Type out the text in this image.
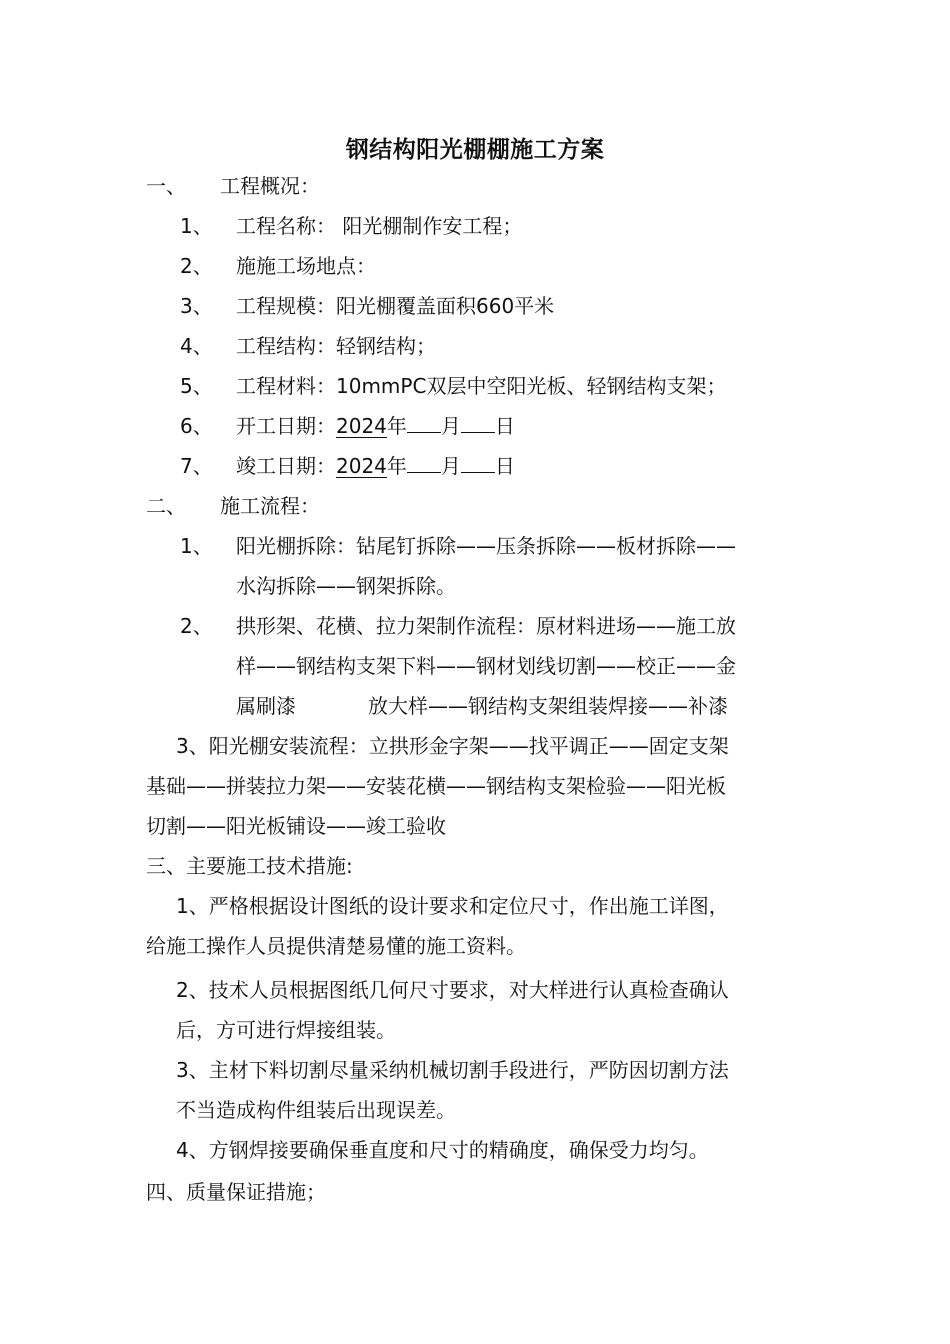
钢结构阳光棚棚施工方案
一、 工程概况：
1、 工程名称： 阳光棚制作安工程；
2、 施施工场地点：
3、 工程规模：阳光棚覆盖面积660平米
4、 工程结构：轻钢结构；
5、 工程材料：10mmPC双层中空阳光板、轻钢结构支架；
6、 开工日期：2024年 月 日
7、 竣工日期：2024年 月 日
二、 施工流程：
1、 阳光棚拆除：钻尾钉拆除——压条拆除——板材拆除——
水沟拆除——钢架拆除。
2、 拱形架、花横、拉力架制作流程：原材料进场——施工放
样——钢结构支架下料——钢材划线切割——校正——金
属刷漆	放大样——钢结构支架组装焊接——补漆
3、阳光棚安装流程：立拱形金字架——找平调正——固定支架
基础——拼装拉力架——安装花横——钢结构支架检验——阳光板
切割——阳光板铺设——竣工验收
三、主要施工技术措施:
1、严格根据设计图纸的设计要求和定位尺寸，作出施工详图，
给施工操作人员提供清楚易懂的施工资料。
2、技术人员根据图纸几何尺寸要求，对大样进行认真检查确认
后，方可进行焊接组装。
3、主材下料切割尽量采纳机械切割手段进行，严防因切割方法
不当造成构件组装后出现误差。
4、方钢焊接要确保垂直度和尺寸的精确度，确保受力均匀。
四、质量保证措施；
